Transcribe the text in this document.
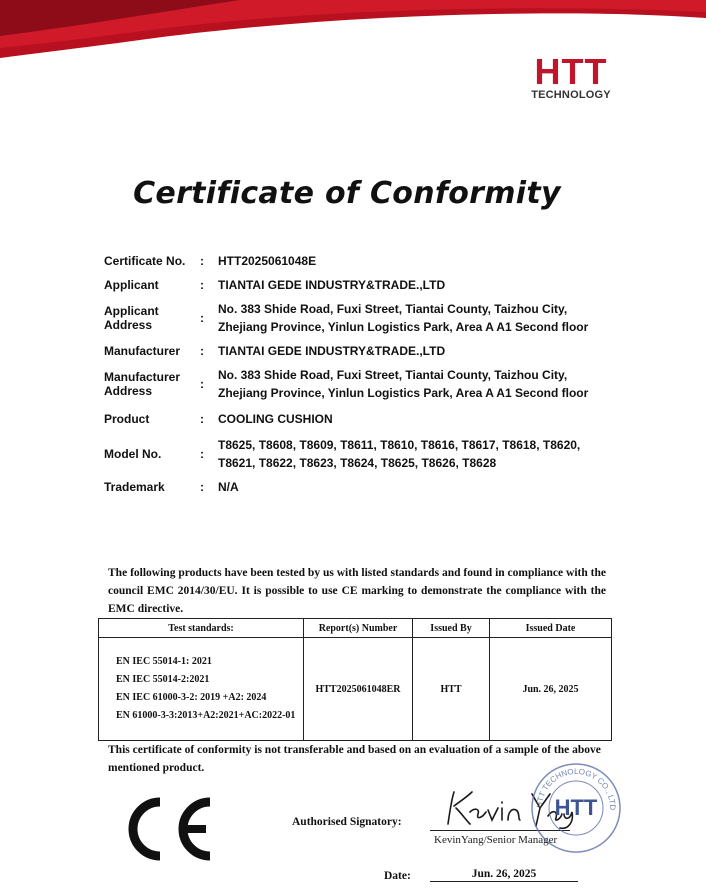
HTT
TECHNOLOGY
Certificate of Conformity
Certificate No.	:	HTT2025061048E
Applicant	:	TIANTAI GEDE INDUSTRY&TRADE.,LTD
Applicant Address	:
No. 383 Shide Road, Fuxi Street, Tiantai County, Taizhou City, Zhejiang Province, Yinlun Logistics Park, Area A A1 Second floor
Manufacturer	:	TIANTAI GEDE INDUSTRY&TRADE.,LTD
Manufacturer Address	:
No. 383 Shide Road, Fuxi Street, Tiantai County, Taizhou City, Zhejiang Province, Yinlun Logistics Park, Area A A1 Second floor
Product	:	COOLING CUSHION
Model No.	:
T8625, T8608, T8609, T8611, T8610, T8616, T8617, T8618, T8620, T8621, T8622, T8623, T8624, T8625, T8626, T8628
Trademark	:	N/A
The following products have been tested by us with listed standards and found in compliance with the council EMC 2014/30/EU. It is possible to use CE marking to demonstrate the compliance with the EMC directive.
Test standards:	Report(s) Number	Issued By	Issued Date

EN IEC 55014-1: 2021
EN IEC 55014-2:2021
EN IEC 61000-3-2: 2019 +A2: 2024
EN 61000-3-3:2013+A2:2021+AC:2022-01	HTT2025061048ER	HTT	Jun. 26, 2025
This certificate of conformity is not transferable and based on an evaluation of a sample of the above mentioned product.
Authorised Signatory:
KevinYang/Senior Manager
HTT TECHNOLOGY CO., LTD
HTT
Date:	Jun. 26, 2025
